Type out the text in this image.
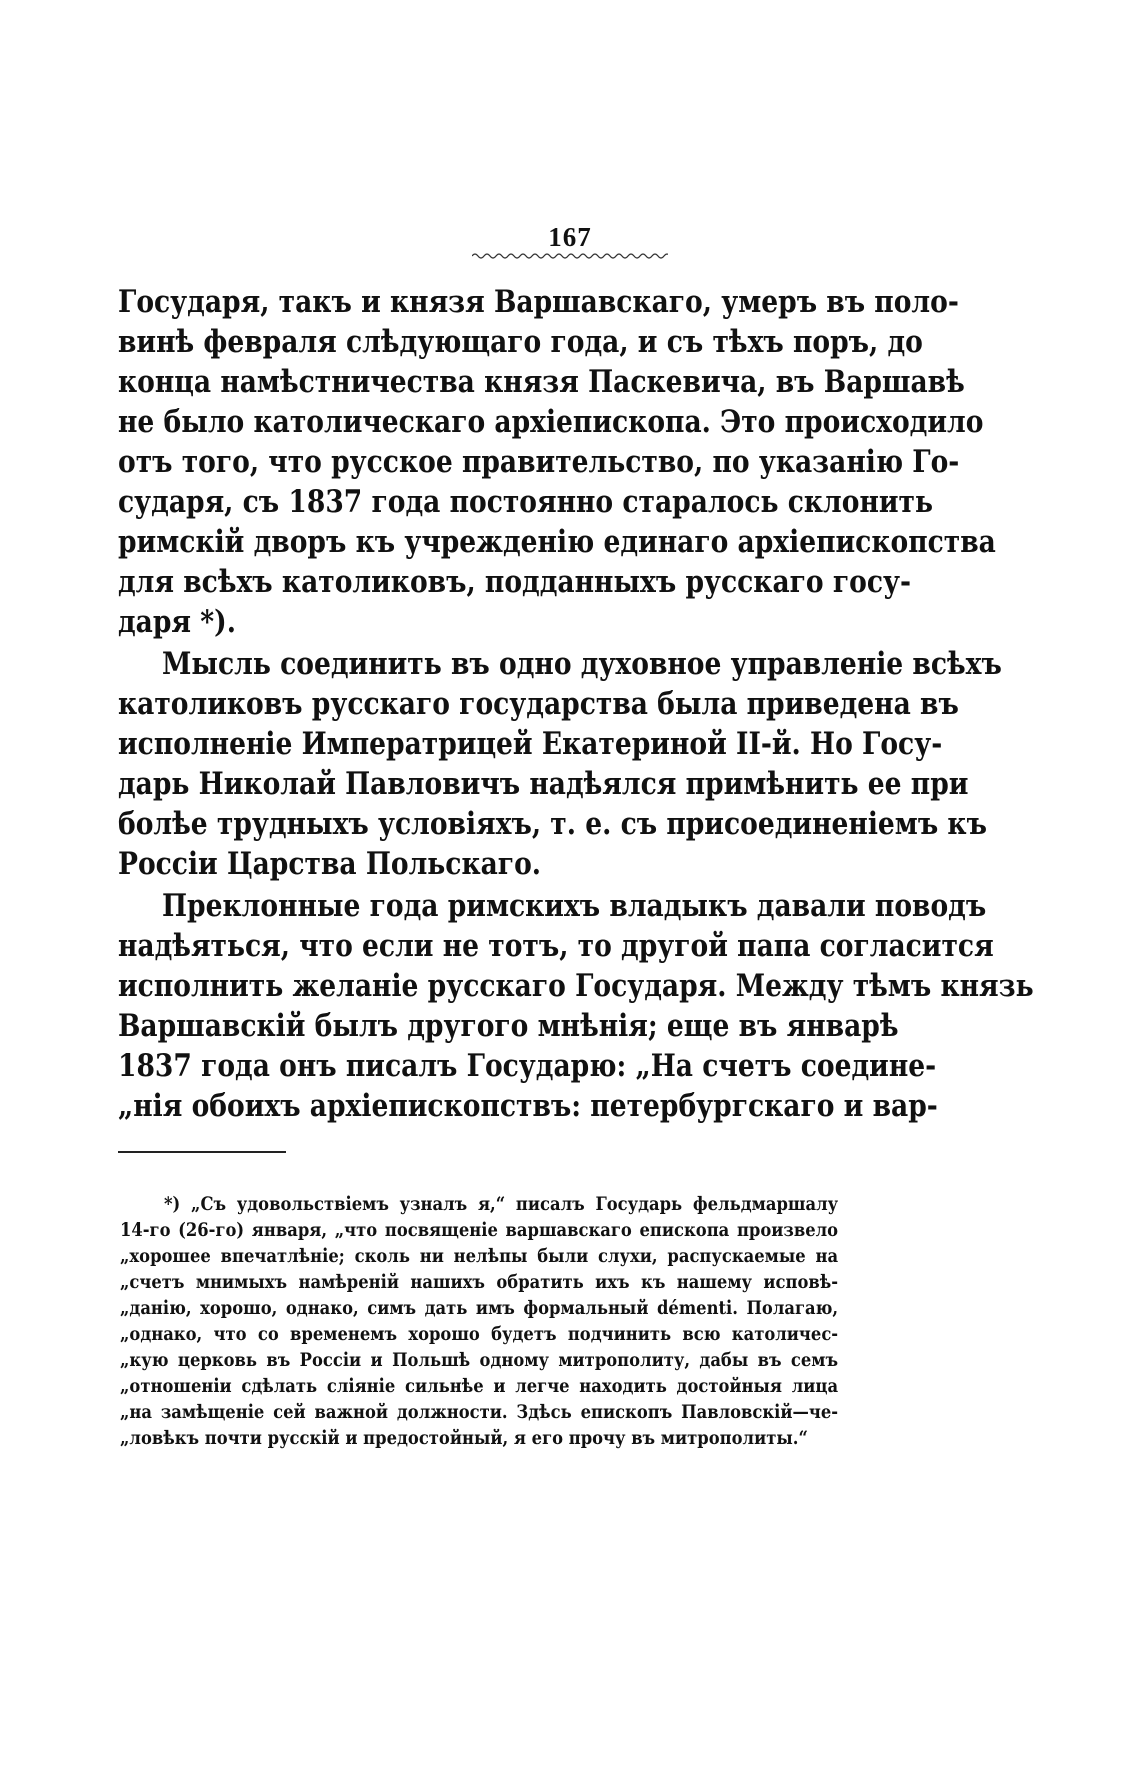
167
Государя, такъ и князя Варшавскаго, умеръ въ поло-
винѣ февраля слѣдующаго года, и съ тѣхъ поръ, до
конца намѣстничества князя Паскевича, въ Варшавѣ
не было католическаго архіепископа. Это происходило
отъ того, что русское правительство, по указанію Го-
сударя, съ 1837 года постоянно старалось склонить
римскій дворъ къ учрежденію единаго архіепископства
для всѣхъ католиковъ, подданныхъ русскаго госу-
даря *).
Мысль соединить въ одно духовное управленіе всѣхъ
католиковъ русскаго государства была приведена въ
исполненіе Императрицей Екатериной II-й. Но Госу-
дарь Николай Павловичъ надѣялся примѣнить ее при
болѣе трудныхъ условіяхъ, т. е. съ присоединеніемъ къ
Россіи Царства Польскаго.
Преклонные года римскихъ владыкъ давали поводъ
надѣяться, что если не тотъ, то другой папа согласится
исполнить желаніе русскаго Государя. Между тѣмъ князь
Варшавскій былъ другого мнѣнія; еще въ январѣ
1837 года онъ писалъ Государю: „На счетъ соедине-
„нія обоихъ архіепископствъ: петербургскаго и вар-
*) „Съ удовольствіемъ узналъ я,“ писалъ Государь фельдмаршалу
14-го (26-го) января, „что посвященіе варшавскаго епископа произвело
„хорошее впечатлѣніе; сколь ни нелѣпы были слухи, распускаемые на
„счетъ мнимыхъ намѣреній нашихъ обратить ихъ къ нашему исповѣ-
„данію, хорошо, однако, симъ дать имъ формальный démenti. Полагаю,
„однако, что со временемъ хорошо будетъ подчинить всю католичес-
„кую церковь въ Россіи и Польшѣ одному митрополиту, дабы въ семъ
„отношеніи сдѣлать сліяніе сильнѣе и легче находить достойныя лица
„на замѣщеніе сей важной должности. Здѣсь епископъ Павловскій—че-
„ловѣкъ почти русскій и предостойный, я его прочу въ митрополиты.“
